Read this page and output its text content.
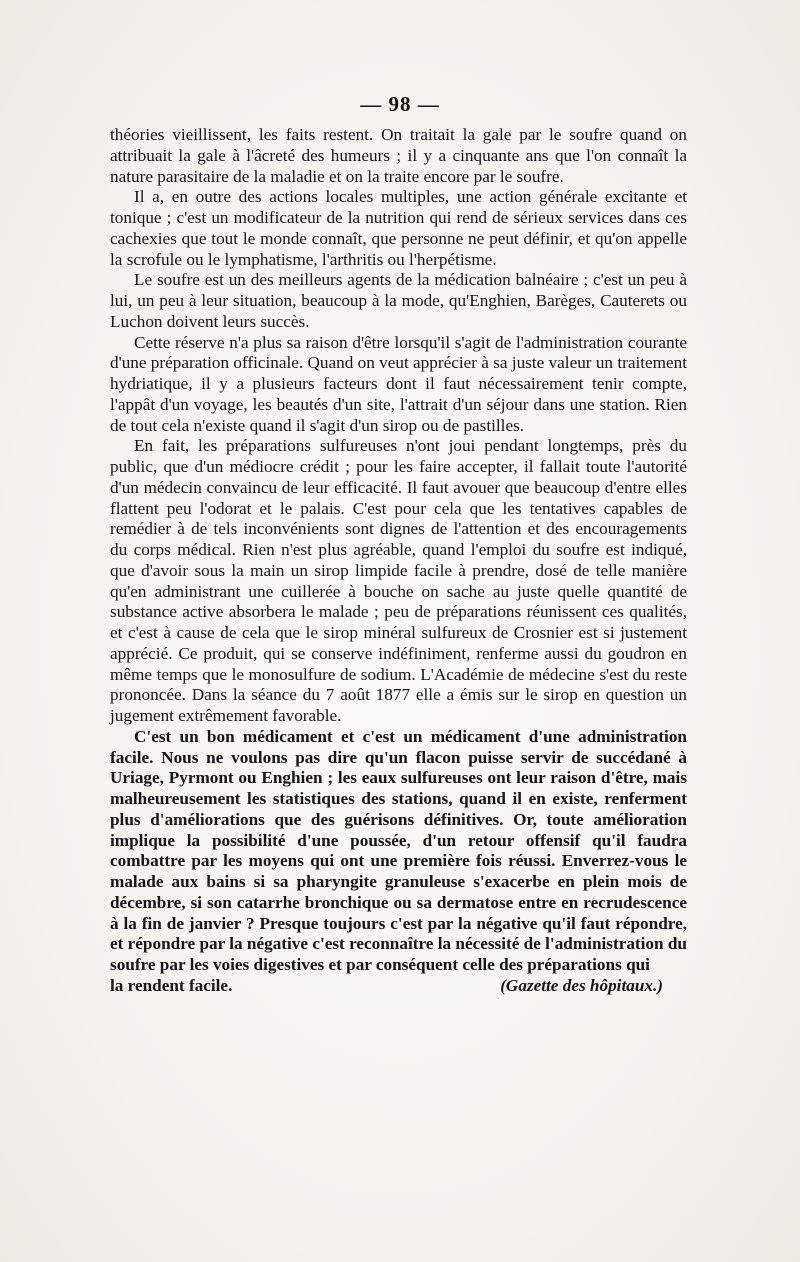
— 98 —

théories vieillissent, les faits restent. On traitait la gale par le soufre quand on attribuait la gale à l'âcreté des humeurs ; il y a cinquante ans que l'on connaît la nature parasitaire de la maladie et on la traite encore par le soufre.

Il a, en outre des actions locales multiples, une action générale excitante et tonique ; c'est un modificateur de la nutrition qui rend de sérieux services dans ces cachexies que tout le monde connaît, que personne ne peut définir, et qu'on appelle la scrofule ou le lymphatisme, l'arthritis ou l'herpétisme.

Le soufre est un des meilleurs agents de la médication balnéaire ; c'est un peu à lui, un peu à leur situation, beaucoup à la mode, qu'Enghien, Barèges, Cauterets ou Luchon doivent leurs succès.

Cette réserve n'a plus sa raison d'être lorsqu'il s'agit de l'administration courante d'une préparation officinale. Quand on veut apprécier à sa juste valeur un traitement hydriatique, il y a plusieurs facteurs dont il faut nécessairement tenir compte, l'appât d'un voyage, les beautés d'un site, l'attrait d'un séjour dans une station. Rien de tout cela n'existe quand il s'agit d'un sirop ou de pastilles.

En fait, les préparations sulfureuses n'ont joui pendant longtemps, près du public, que d'un médiocre crédit ; pour les faire accepter, il fallait toute l'autorité d'un médecin convaincu de leur efficacité. Il faut avouer que beaucoup d'entre elles flattent peu l'odorat et le palais. C'est pour cela que les tentatives capables de remédier à de tels inconvénients sont dignes de l'attention et des encouragements du corps médical. Rien n'est plus agréable, quand l'emploi du soufre est indiqué, que d'avoir sous la main un sirop limpide facile à prendre, dosé de telle manière qu'en administrant une cuillerée à bouche on sache au juste quelle quantité de substance active absorbera le malade ; peu de préparations réunissent ces qualités, et c'est à cause de cela que le sirop minéral sulfureux de Crosnier est si justement apprécié. Ce produit, qui se conserve indéfiniment, renferme aussi du goudron en même temps que le monosulfure de sodium. L'Académie de médecine s'est du reste prononcée. Dans la séance du 7 août 1877 elle a émis sur le sirop en question un jugement extrêmement favorable.

C'est un bon médicament et c'est un médicament d'une administration facile. Nous ne voulons pas dire qu'un flacon puisse servir de succédané à Uriage, Pyrmont ou Enghien ; les eaux sulfureuses ont leur raison d'être, mais malheureusement les statistiques des stations, quand il en existe, renferment plus d'améliorations que des guérisons définitives. Or, toute amélioration implique la possibilité d'une poussée, d'un retour offensif qu'il faudra combattre par les moyens qui ont une première fois réussi. Enverrez-vous le malade aux bains si sa pharyngite granuleuse s'exacerbe en plein mois de décembre, si son catarrhe bronchique ou sa dermatose entre en recrudescence à la fin de janvier ? Presque toujours c'est par la négative qu'il faut répondre, et répondre par la négative c'est reconnaître la nécessité de l'administration du soufre par les voies digestives et par conséquent celle des préparations qui

la rendent facile.	(Gazette des hôpitaux.)
